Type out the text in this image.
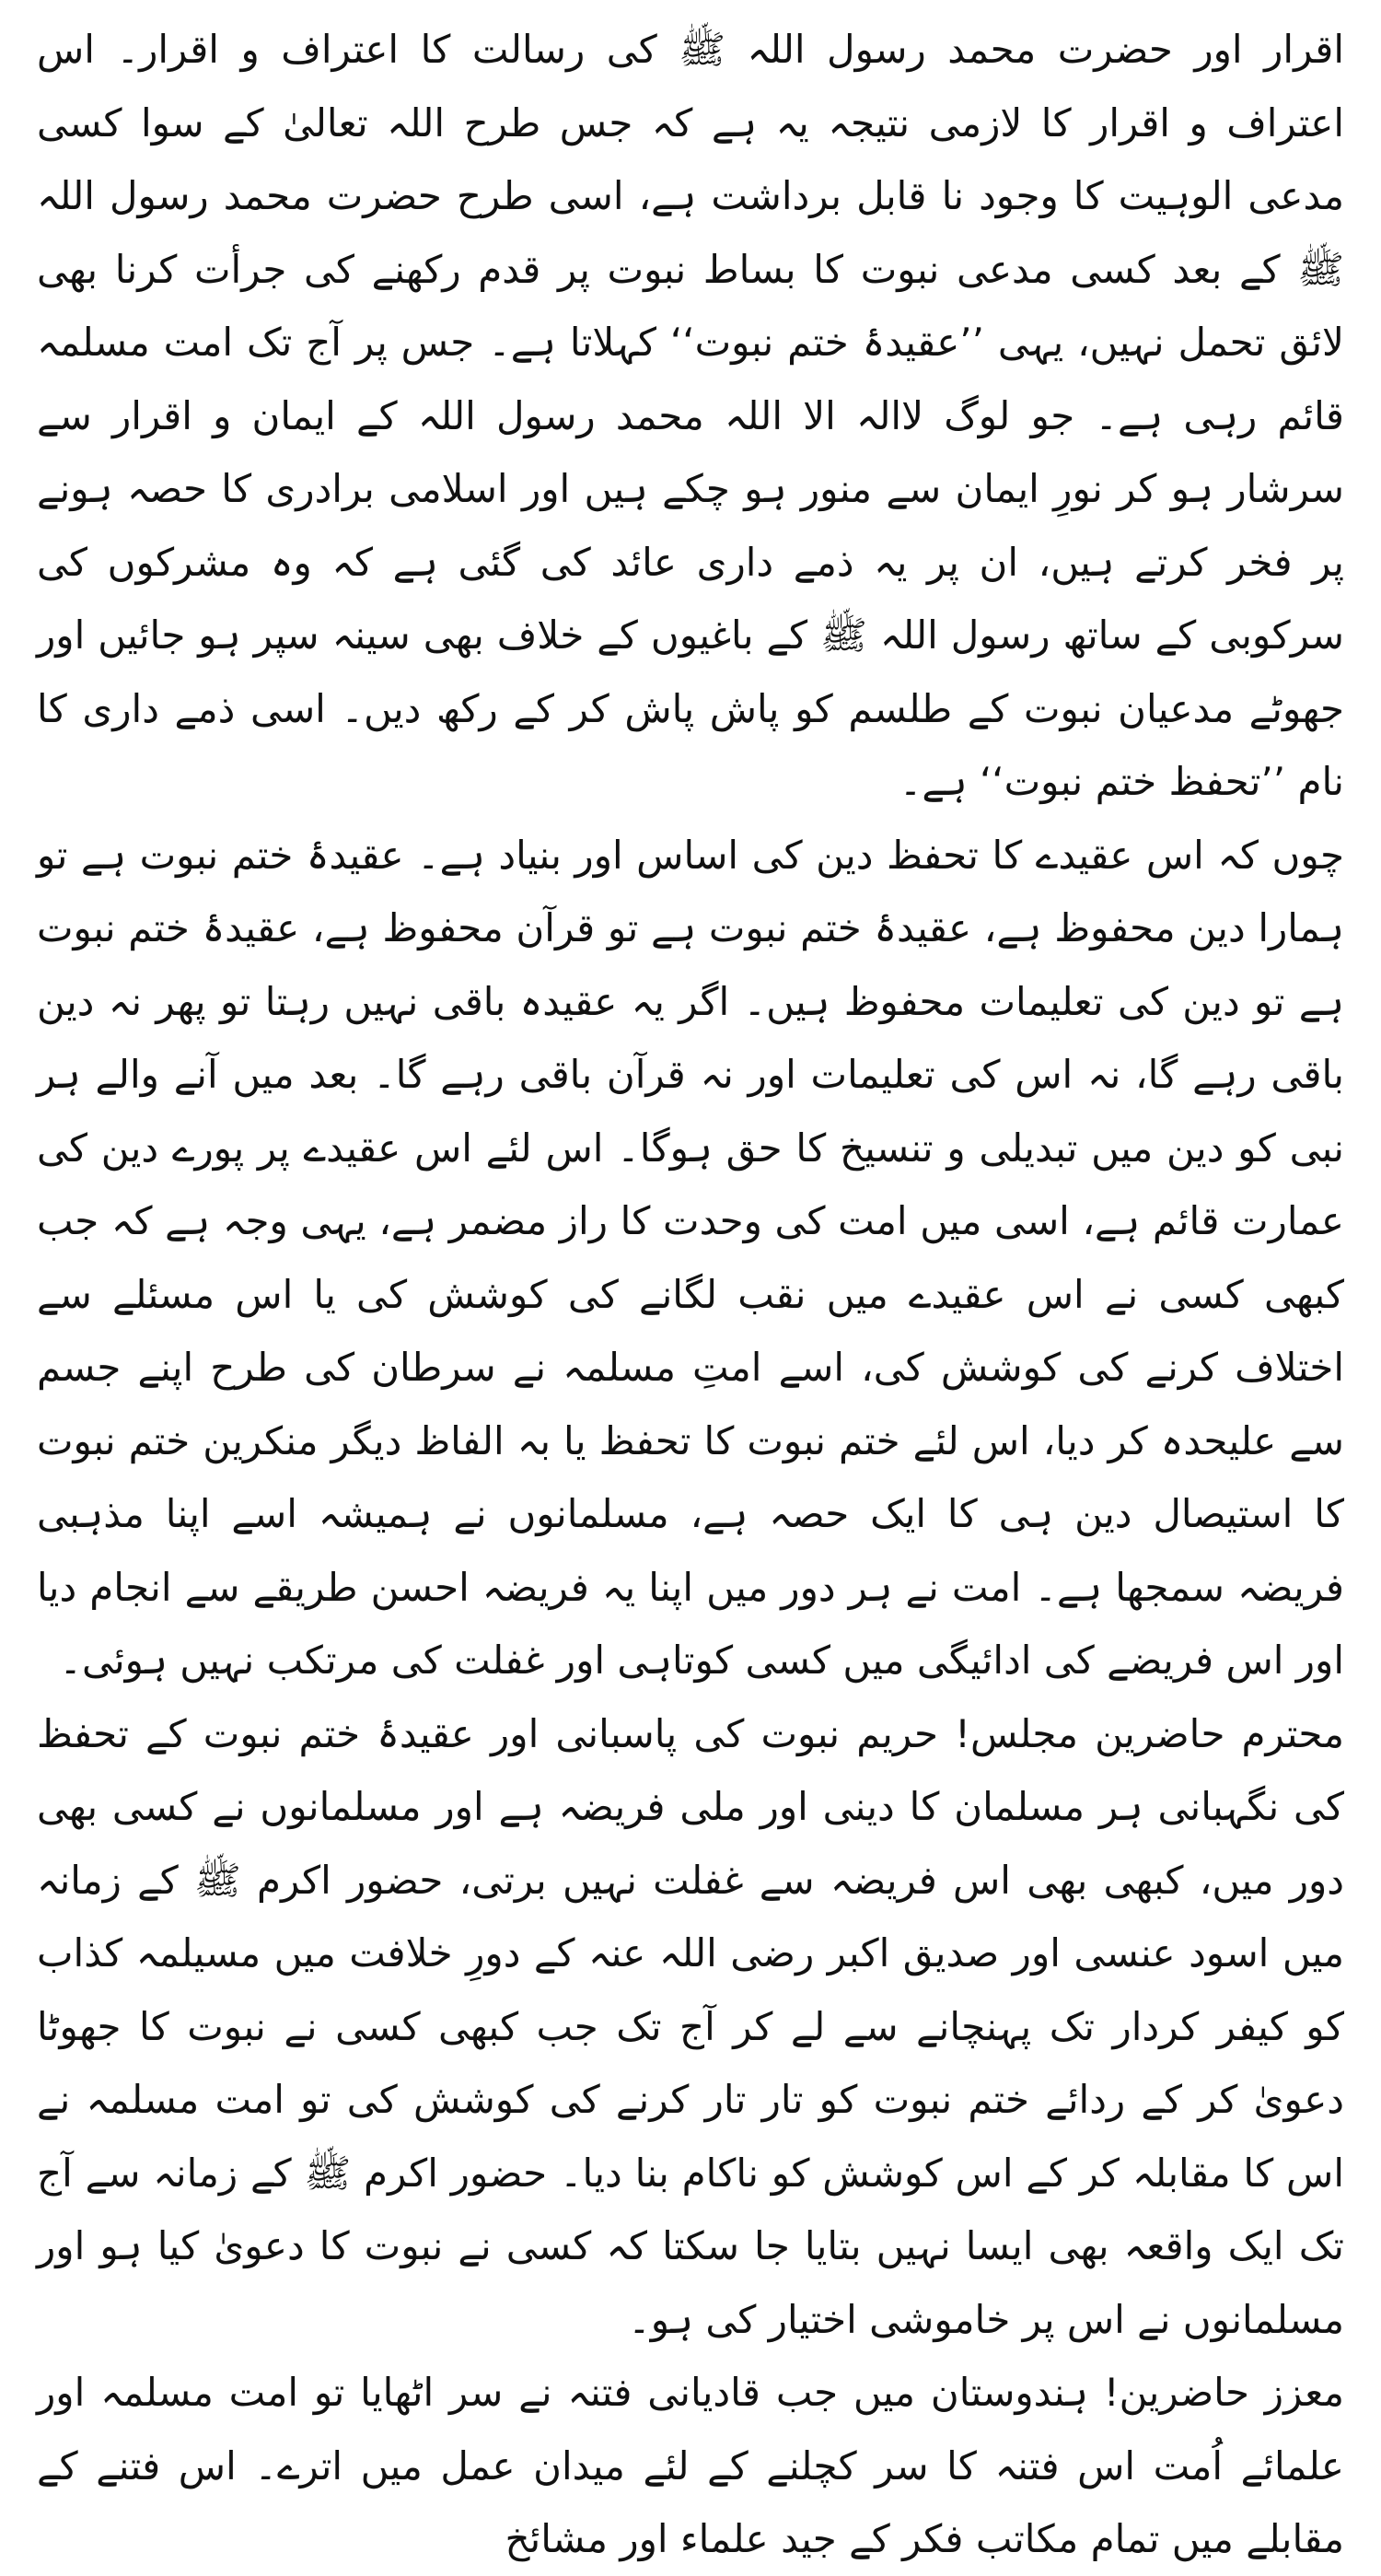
اقرار اور حضرت محمد رسول اللہ ﷺ کی رسالت کا اعتراف و اقرار۔ اس اعتراف و اقرار کا لازمی نتیجہ یہ ہے کہ جس طرح اللہ تعالیٰ کے سوا کسی مدعی الوہیت کا وجود نا قابل برداشت ہے، اسی طرح حضرت محمد رسول اللہ ﷺ کے بعد کسی مدعی نبوت کا بساط نبوت پر قدم رکھنے کی جرأت کرنا بھی لائق تحمل نہیں، یہی ’’عقیدۂ ختم نبوت‘‘ کہلاتا ہے۔ جس پر آج تک امت مسلمہ قائم رہی ہے۔ جو لوگ لاالہ الا اللہ محمد رسول اللہ کے ایمان و اقرار سے سرشار ہو کر نورِ ایمان سے منور ہو چکے ہیں اور اسلامی برادری کا حصہ ہونے پر فخر کرتے ہیں، ان پر یہ ذمے داری عائد کی گئی ہے کہ وہ مشرکوں کی سرکوبی کے ساتھ رسول اللہ ﷺ کے باغیوں کے خلاف بھی سینہ سپر ہو جائیں اور جھوٹے مدعیان نبوت کے طلسم کو پاش پاش کر کے رکھ دیں۔ اسی ذمے داری کا نام ’’تحفظ ختم نبوت‘‘ ہے۔

چوں کہ اس عقیدے کا تحفظ دین کی اساس اور بنیاد ہے۔ عقیدۂ ختم نبوت ہے تو ہمارا دین محفوظ ہے، عقیدۂ ختم نبوت ہے تو قرآن محفوظ ہے، عقیدۂ ختم نبوت ہے تو دین کی تعلیمات محفوظ ہیں۔ اگر یہ عقیدہ باقی نہیں رہتا تو پھر نہ دین باقی رہے گا، نہ اس کی تعلیمات اور نہ قرآن باقی رہے گا۔ بعد میں آنے والے ہر نبی کو دین میں تبدیلی و تنسیخ کا حق ہوگا۔ اس لئے اس عقیدے پر پورے دین کی عمارت قائم ہے، اسی میں امت کی وحدت کا راز مضمر ہے، یہی وجہ ہے کہ جب کبھی کسی نے اس عقیدے میں نقب لگانے کی کوشش کی یا اس مسئلے سے اختلاف کرنے کی کوشش کی، اسے امتِ مسلمہ نے سرطان کی طرح اپنے جسم سے علیحدہ کر دیا، اس لئے ختم نبوت کا تحفظ یا بہ الفاظ دیگر منکرین ختم نبوت کا استیصال دین ہی کا ایک حصہ ہے، مسلمانوں نے ہمیشہ اسے اپنا مذہبی فریضہ سمجھا ہے۔ امت نے ہر دور میں اپنا یہ فریضہ احسن طریقے سے انجام دیا اور اس فریضے کی ادائیگی میں کسی کوتاہی اور غفلت کی مرتکب نہیں ہوئی۔

محترم حاضرین مجلس! حریم نبوت کی پاسبانی اور عقیدۂ ختم نبوت کے تحفظ کی نگہبانی ہر مسلمان کا دینی اور ملی فریضہ ہے اور مسلمانوں نے کسی بھی دور میں، کبھی بھی اس فریضہ سے غفلت نہیں برتی، حضور اکرم ﷺ کے زمانہ میں اسود عنسی اور صدیق اکبر رضی اللہ عنہ کے دورِ خلافت میں مسیلمہ کذاب کو کیفر کردار تک پہنچانے سے لے کر آج تک جب کبھی کسی نے نبوت کا جھوٹا دعویٰ کر کے ردائے ختم نبوت کو تار تار کرنے کی کوشش کی تو امت مسلمہ نے اس کا مقابلہ کر کے اس کوشش کو ناکام بنا دیا۔ حضور اکرم ﷺ کے زمانہ سے آج تک ایک واقعہ بھی ایسا نہیں بتایا جا سکتا کہ کسی نے نبوت کا دعویٰ کیا ہو اور مسلمانوں نے اس پر خاموشی اختیار کی ہو۔

معزز حاضرین! ہندوستان میں جب قادیانی فتنہ نے سر اٹھایا تو امت مسلمہ اور علمائے اُمت اس فتنہ کا سر کچلنے کے لئے میدان عمل میں اترے۔ اس فتنے کے مقابلے میں تمام مکاتب فکر کے جید علماء اور مشائخ
